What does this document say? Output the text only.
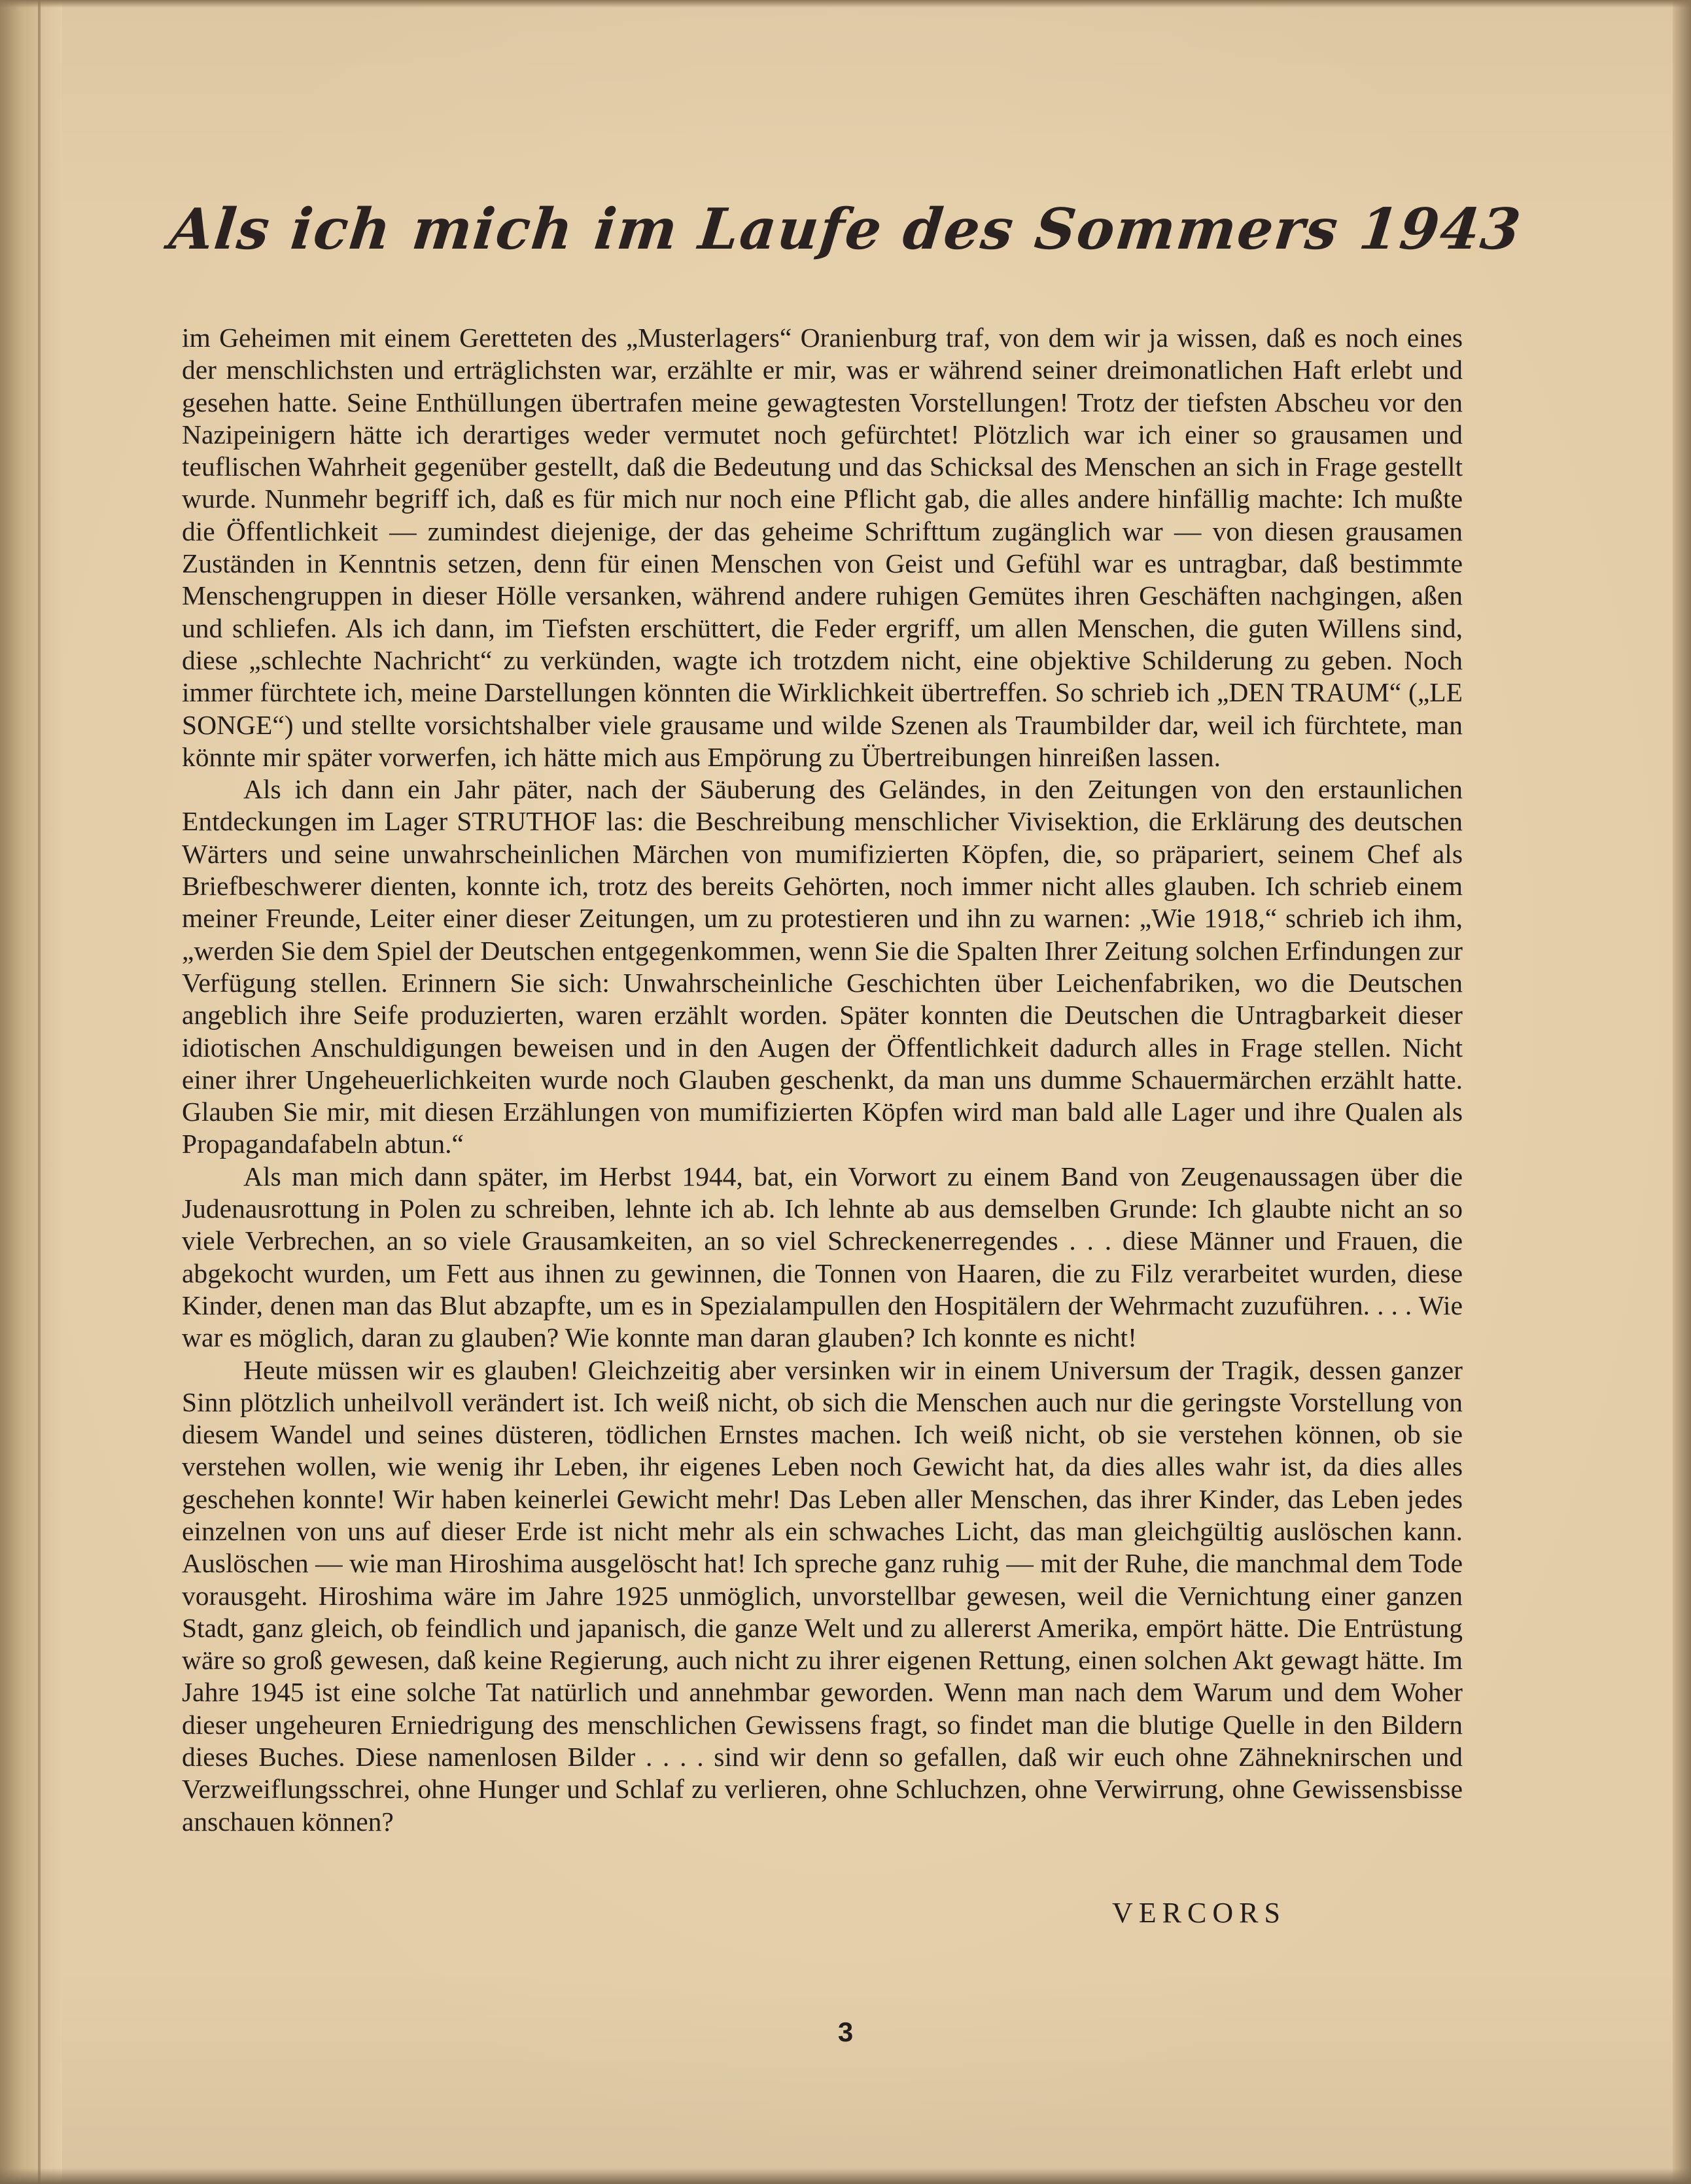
Als ich mich im Laufe des Sommers 1943

im Geheimen mit einem Geretteten des „Musterlagers“ Oranienburg traf, von dem wir ja wissen, daß es noch eines der menschlichsten und erträglichsten war, erzählte er mir, was er während seiner dreimonatlichen Haft erlebt und gesehen hatte. Seine Enthüllungen übertrafen meine gewagtesten Vorstellungen! Trotz der tiefsten Abscheu vor den Nazipeinigern hätte ich derartiges weder vermutet noch gefürchtet! Plötzlich war ich einer so grausamen und teuflischen Wahrheit gegenüber gestellt, daß die Bedeutung und das Schicksal des Menschen an sich in Frage gestellt wurde. Nunmehr begriff ich, daß es für mich nur noch eine Pflicht gab, die alles andere hinfällig machte: Ich mußte die Öffentlichkeit — zumindest diejenige, der das geheime Schrifttum zugänglich war — von diesen grausamen Zuständen in Kenntnis setzen, denn für einen Menschen von Geist und Gefühl war es untragbar, daß bestimmte Menschengruppen in dieser Hölle versanken, während andere ruhigen Gemütes ihren Geschäften nachgingen, aßen und schliefen. Als ich dann, im Tiefsten erschüttert, die Feder ergriff, um allen Menschen, die guten Willens sind, diese „schlechte Nachricht“ zu verkünden, wagte ich trotzdem nicht, eine objektive Schilderung zu geben. Noch immer fürchtete ich, meine Darstellungen könnten die Wirklichkeit übertreffen. So schrieb ich „DEN TRAUM“ („LE SONGE“) und stellte vorsichtshalber viele grausame und wilde Szenen als Traumbilder dar, weil ich fürchtete, man könnte mir später vorwerfen, ich hätte mich aus Empörung zu Übertreibungen hinreißen lassen.

Als ich dann ein Jahr päter, nach der Säuberung des Geländes, in den Zeitungen von den erstaunlichen Entdeckungen im Lager STRUTHOF las: die Beschreibung menschlicher Vivisektion, die Erklärung des deutschen Wärters und seine unwahrscheinlichen Märchen von mumifizierten Köpfen, die, so präpariert, seinem Chef als Briefbeschwerer dienten, konnte ich, trotz des bereits Gehörten, noch immer nicht alles glauben. Ich schrieb einem meiner Freunde, Leiter einer dieser Zeitungen, um zu protestieren und ihn zu warnen: „Wie 1918,“ schrieb ich ihm, „werden Sie dem Spiel der Deutschen entgegenkommen, wenn Sie die Spalten Ihrer Zeitung solchen Erfindungen zur Verfügung stellen. Erinnern Sie sich: Unwahrscheinliche Geschichten über Leichenfabriken, wo die Deutschen angeblich ihre Seife produzierten, waren erzählt worden. Später konnten die Deutschen die Untragbarkeit dieser idiotischen Anschuldigungen beweisen und in den Augen der Öffentlichkeit dadurch alles in Frage stellen. Nicht einer ihrer Ungeheuerlichkeiten wurde noch Glauben geschenkt, da man uns dumme Schauermärchen erzählt hatte. Glauben Sie mir, mit diesen Erzählungen von mumifizierten Köpfen wird man bald alle Lager und ihre Qualen als Propagandafabeln abtun.“

Als man mich dann später, im Herbst 1944, bat, ein Vorwort zu einem Band von Zeugenaussagen über die Judenausrottung in Polen zu schreiben, lehnte ich ab. Ich lehnte ab aus demselben Grunde: Ich glaubte nicht an so viele Verbrechen, an so viele Grausamkeiten, an so viel Schreckenerregendes . . . diese Männer und Frauen, die abgekocht wurden, um Fett aus ihnen zu gewinnen, die Tonnen von Haaren, die zu Filz verarbeitet wurden, diese Kinder, denen man das Blut abzapfte, um es in Spezialampullen den Hospitälern der Wehrmacht zuzuführen. . . . Wie war es möglich, daran zu glauben? Wie konnte man daran glauben? Ich konnte es nicht!

Heute müssen wir es glauben! Gleichzeitig aber versinken wir in einem Universum der Tragik, dessen ganzer Sinn plötzlich unheilvoll verändert ist. Ich weiß nicht, ob sich die Menschen auch nur die geringste Vorstellung von diesem Wandel und seines düsteren, tödlichen Ernstes machen. Ich weiß nicht, ob sie verstehen können, ob sie verstehen wollen, wie wenig ihr Leben, ihr eigenes Leben noch Gewicht hat, da dies alles wahr ist, da dies alles geschehen konnte! Wir haben keinerlei Gewicht mehr! Das Leben aller Menschen, das ihrer Kinder, das Leben jedes einzelnen von uns auf dieser Erde ist nicht mehr als ein schwaches Licht, das man gleichgültig auslöschen kann. Auslöschen — wie man Hiroshima ausgelöscht hat! Ich spreche ganz ruhig — mit der Ruhe, die manchmal dem Tode vorausgeht. Hiroshima wäre im Jahre 1925 unmöglich, unvorstellbar gewesen, weil die Vernichtung einer ganzen Stadt, ganz gleich, ob feindlich und japanisch, die ganze Welt und zu allererst Amerika, empört hätte. Die Entrüstung wäre so groß gewesen, daß keine Regierung, auch nicht zu ihrer eigenen Rettung, einen solchen Akt gewagt hätte. Im Jahre 1945 ist eine solche Tat natürlich und annehmbar geworden. Wenn man nach dem Warum und dem Woher dieser ungeheuren Erniedrigung des menschlichen Gewissens fragt, so findet man die blutige Quelle in den Bildern dieses Buches. Diese namenlosen Bilder . . . . sind wir denn so gefallen, daß wir euch ohne Zähneknirschen und Verzweiflungsschrei, ohne Hunger und Schlaf zu verlieren, ohne Schluchzen, ohne Verwirrung, ohne Gewissensbisse anschauen können?

VERCORS
3
